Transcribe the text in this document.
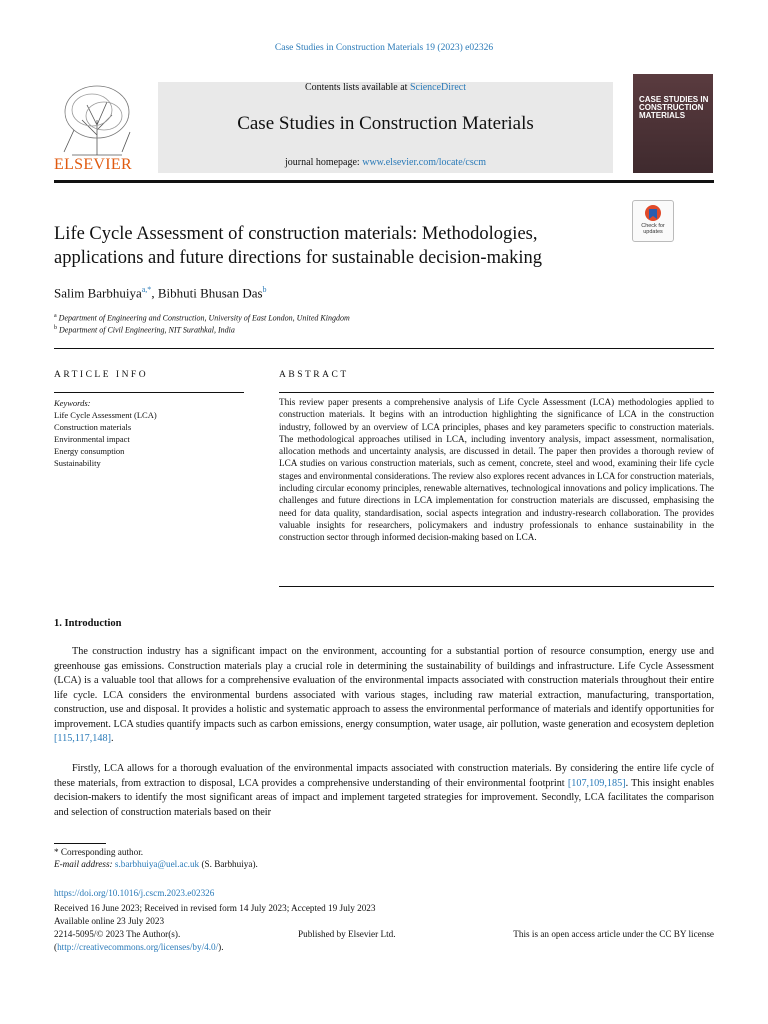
Case Studies in Construction Materials 19 (2023) e02326
Contents lists available at ScienceDirect
Case Studies in Construction Materials
journal homepage: www.elsevier.com/locate/cscm
ELSEVIER
CASE STUDIES IN CONSTRUCTION MATERIALS
Check for updates
Life Cycle Assessment of construction materials: Methodologies, applications and future directions for sustainable decision-making
Salim Barbhuiya$^{a,*}$, Bibhuti Bhusan Das$^b$
$^a$ Department of Engineering and Construction, University of East London, United Kingdom
$^b$ Department of Civil Engineering, NIT Surathkal, India
ARTICLE INFO	ABSTRACT
Keywords:
Life Cycle Assessment (LCA)
Construction materials
Environmental impact
Energy consumption
Sustainability
This review paper presents a comprehensive analysis of Life Cycle Assessment (LCA) methodologies applied to construction materials. It begins with an introduction highlighting the significance of LCA in the construction industry, followed by an overview of LCA principles, phases and key parameters specific to construction materials. The methodological approaches utilised in LCA, including inventory analysis, impact assessment, normalisation, allocation methods and uncertainty analysis, are discussed in detail. The paper then provides a thorough review of LCA studies on various construction materials, such as cement, concrete, steel and wood, examining their life cycle stages and environmental considerations. The review also explores recent advances in LCA for construction materials, including circular economy principles, renewable alternatives, technological innovations and policy implications. The challenges and future directions in LCA implementation for construction materials are discussed, emphasising the need for data quality, standardisation, social aspects integration and industry-research collaboration. The provides valuable insights for researchers, policymakers and industry professionals to enhance sustainability in the construction sector through informed decision-making based on LCA.
1. Introduction
The construction industry has a significant impact on the environment, accounting for a substantial portion of resource consumption, energy use and greenhouse gas emissions. Construction materials play a crucial role in determining the sustainability of buildings and infrastructure. Life Cycle Assessment (LCA) is a valuable tool that allows for a comprehensive evaluation of the environmental impacts associated with construction materials throughout their entire life cycle. LCA considers the environmental burdens associated with various stages, including raw material extraction, manufacturing, transportation, construction, use and disposal. It provides a holistic and systematic approach to assess the environmental performance of materials and identify opportunities for improvement. LCA studies quantify impacts such as carbon emissions, energy consumption, water usage, air pollution, waste generation and ecosystem depletion [115,117,148].
Firstly, LCA allows for a thorough evaluation of the environmental impacts associated with construction materials. By considering the entire life cycle of these materials, from extraction to disposal, LCA provides a comprehensive understanding of their environmental footprint [107,109,185]. This insight enables decision-makers to identify the most significant areas of impact and implement targeted strategies for improvement. Secondly, LCA facilitates the comparison and selection of construction materials based on their
* Corresponding author.
E-mail address: s.barbhuiya@uel.ac.uk (S. Barbhuiya).
https://doi.org/10.1016/j.cscm.2023.e02326
Received 16 June 2023; Received in revised form 14 July 2023; Accepted 19 July 2023
Available online 23 July 2023
2214-5095/© 2023 The Author(s).	Published by Elsevier Ltd.	This is an open access article under the CC BY license
(http://creativecommons.org/licenses/by/4.0/).
